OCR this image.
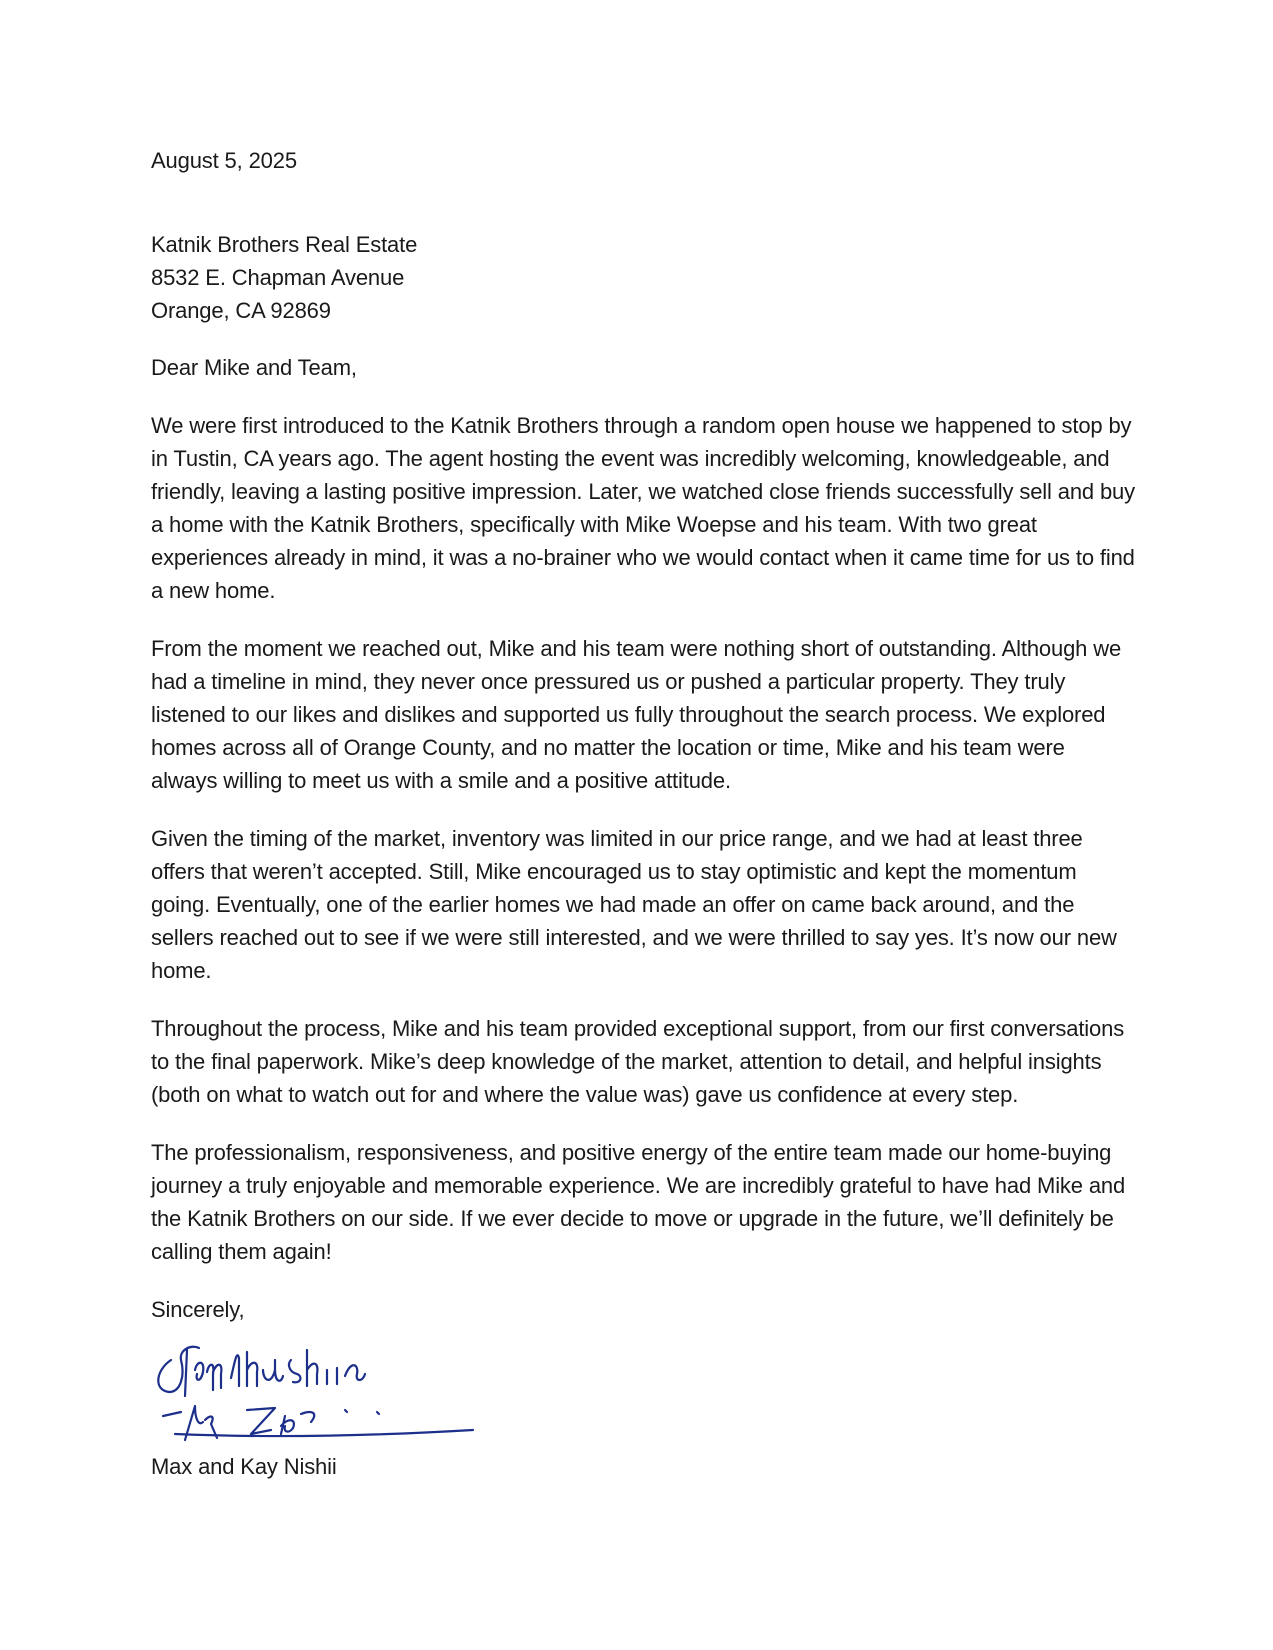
August 5, 2025

Katnik Brothers Real Estate
8532 E. Chapman Avenue
Orange, CA 92869

Dear Mike and Team,

We were first introduced to the Katnik Brothers through a random open house we happened to stop by in Tustin, CA years ago. The agent hosting the event was incredibly welcoming, knowledgeable, and friendly, leaving a lasting positive impression. Later, we watched close friends successfully sell and buy a home with the Katnik Brothers, specifically with Mike Woepse and his team. With two great experiences already in mind, it was a no-brainer who we would contact when it came time for us to find a new home.

From the moment we reached out, Mike and his team were nothing short of outstanding. Although we had a timeline in mind, they never once pressured us or pushed a particular property. They truly listened to our likes and dislikes and supported us fully throughout the search process. We explored homes across all of Orange County, and no matter the location or time, Mike and his team were always willing to meet us with a smile and a positive attitude.

Given the timing of the market, inventory was limited in our price range, and we had at least three offers that weren’t accepted. Still, Mike encouraged us to stay optimistic and kept the momentum going. Eventually, one of the earlier homes we had made an offer on came back around, and the sellers reached out to see if we were still interested, and we were thrilled to say yes. It’s now our new home.

Throughout the process, Mike and his team provided exceptional support, from our first conversations to the final paperwork. Mike’s deep knowledge of the market, attention to detail, and helpful insights (both on what to watch out for and where the value was) gave us confidence at every step.

The professionalism, responsiveness, and positive energy of the entire team made our home-buying journey a truly enjoyable and memorable experience. We are incredibly grateful to have had Mike and the Katnik Brothers on our side. If we ever decide to move or upgrade in the future, we’ll definitely be calling them again!

Sincerely,

Max and Kay Nishii
